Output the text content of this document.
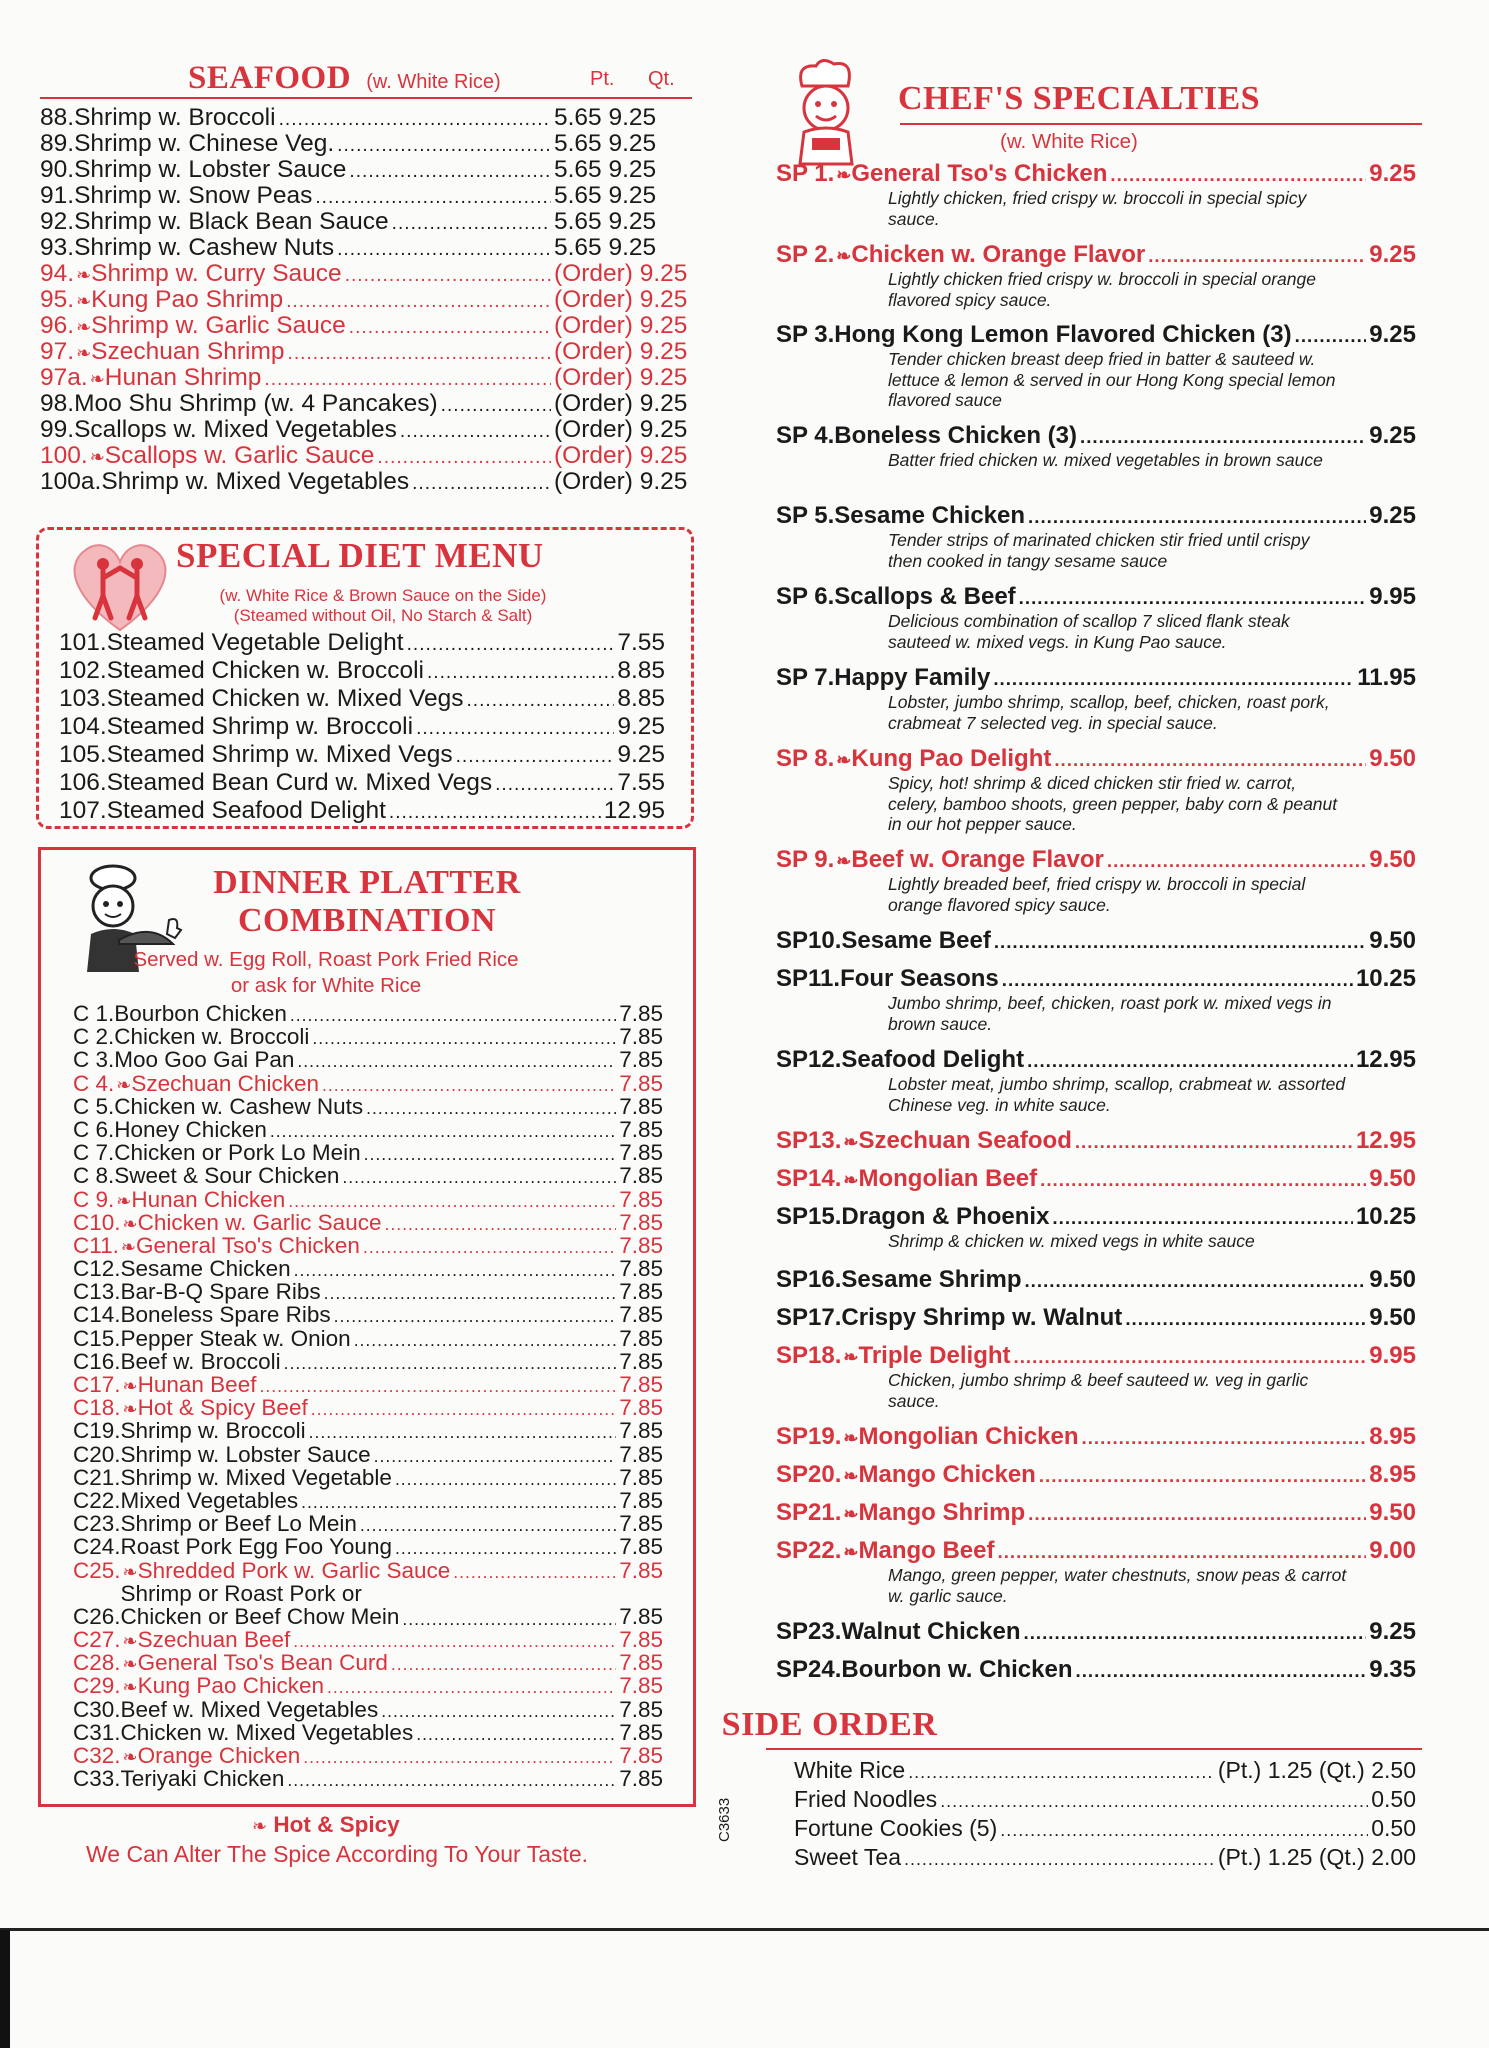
SEAFOOD (w. White Rice)	Pt. Qt.
88. Shrimp w. Broccoli .....	5.65 9.25
89. Shrimp w. Chinese Veg. .....	5.65 9.25
90. Shrimp w. Lobster Sauce .....	5.65 9.25
91. Shrimp w. Snow Peas .....	5.65 9.25
92. Shrimp w. Black Bean Sauce .....	5.65 9.25
93. Shrimp w. Cashew Nuts .....	5.65 9.25
94. ❧ Shrimp w. Curry Sauce .....	(Order) 9.25
95. ❧ Kung Pao Shrimp .....	(Order) 9.25
96. ❧ Shrimp w. Garlic Sauce .....	(Order) 9.25
97. ❧ Szechuan Shrimp .....	(Order) 9.25
97a. ❧ Hunan Shrimp .....	(Order) 9.25
98. Moo Shu Shrimp (w. 4 Pancakes) .....	(Order) 9.25
99. Scallops w. Mixed Vegetables .....	(Order) 9.25
100. ❧ Scallops w. Garlic Sauce .....	(Order) 9.25
100a. Shrimp w. Mixed Vegetables .....	(Order) 9.25
SPECIAL DIET MENU
(w. White Rice & Brown Sauce on the Side)
(Steamed without Oil, No Starch & Salt)
101. Steamed Vegetable Delight .....	7.55
102. Steamed Chicken w. Broccoli .....	8.85
103. Steamed Chicken w. Mixed Vegs .....	8.85
104. Steamed Shrimp w. Broccoli .....	9.25
105. Steamed Shrimp w. Mixed Vegs .....	9.25
106. Steamed Bean Curd w. Mixed Vegs .....	7.55
107. Steamed Seafood Delight .....	12.95
DINNER PLATTER
COMBINATION
Served w. Egg Roll, Roast Pork Fried Rice
or ask for White Rice
C 1. Bourbon Chicken .....	7.85
C 2. Chicken w. Broccoli .....	7.85
C 3. Moo Goo Gai Pan .....	7.85
C 4. ❧ Szechuan Chicken .....	7.85
C 5. Chicken w. Cashew Nuts .....	7.85
C 6. Honey Chicken .....	7.85
C 7. Chicken or Pork Lo Mein .....	7.85
C 8. Sweet & Sour Chicken .....	7.85
C 9. ❧ Hunan Chicken .....	7.85
C10. ❧ Chicken w. Garlic Sauce .....	7.85
C11. ❧ General Tso's Chicken .....	7.85
C12. Sesame Chicken .....	7.85
C13. Bar-B-Q Spare Ribs .....	7.85
C14. Boneless Spare Ribs .....	7.85
C15. Pepper Steak w. Onion .....	7.85
C16. Beef w. Broccoli .....	7.85
C17. ❧ Hunan Beef .....	7.85
C18. ❧ Hot & Spicy Beef .....	7.85
C19. Shrimp w. Broccoli .....	7.85
C20. Shrimp w. Lobster Sauce .....	7.85
C21. Shrimp w. Mixed Vegetable .....	7.85
C22. Mixed Vegetables .....	7.85
C23. Shrimp or Beef Lo Mein .....	7.85
C24. Roast Pork Egg Foo Young .....	7.85
C25. ❧ Shredded Pork w. Garlic Sauce .....	7.85
C26.
Shrimp or Roast Pork or
Chicken or Beef Chow Mein .....	7.85
C27. ❧ Szechuan Beef .....	7.85
C28. ❧ General Tso's Bean Curd .....	7.85
C29. ❧ Kung Pao Chicken .....	7.85
C30. Beef w. Mixed Vegetables .....	7.85
C31. Chicken w. Mixed Vegetables .....	7.85
C32. ❧ Orange Chicken .....	7.85
C33. Teriyaki Chicken .....	7.85
❧ Hot & Spicy
We Can Alter The Spice According To Your Taste.
C3633
CHEF'S SPECIALTIES
(w. White Rice)
SP 1. ❧ General Tso's Chicken .....	9.25
Lightly chicken, fried crispy w. broccoli in special spicy sauce.
SP 2. ❧ Chicken w. Orange Flavor .....	9.25
Lightly chicken fried crispy w. broccoli in special orange flavored spicy sauce.
SP 3. Hong Kong Lemon Flavored Chicken (3) .....	9.25
Tender chicken breast deep fried in batter & sauteed w. lettuce & lemon & served in our Hong Kong special lemon flavored sauce
SP 4. Boneless Chicken (3) .....	9.25
Batter fried chicken w. mixed vegetables in brown sauce
SP 5. Sesame Chicken .....	9.25
Tender strips of marinated chicken stir fried until crispy then cooked in tangy sesame sauce
SP 6. Scallops & Beef .....	9.95
Delicious combination of scallop 7 sliced flank steak sauteed w. mixed vegs. in Kung Pao sauce.
SP 7. Happy Family .....	11.95
Lobster, jumbo shrimp, scallop, beef, chicken, roast pork, crabmeat 7 selected veg. in special sauce.
SP 8. ❧ Kung Pao Delight .....	9.50
Spicy, hot! shrimp & diced chicken stir fried w. carrot, celery, bamboo shoots, green pepper, baby corn & peanut in our hot pepper sauce.
SP 9. ❧ Beef w. Orange Flavor .....	9.50
Lightly breaded beef, fried crispy w. broccoli in special orange flavored spicy sauce.
SP10. Sesame Beef .....	9.50
SP11. Four Seasons .....	10.25
Jumbo shrimp, beef, chicken, roast pork w. mixed vegs in brown sauce.
SP12. Seafood Delight .....	12.95
Lobster meat, jumbo shrimp, scallop, crabmeat w. assorted Chinese veg. in white sauce.
SP13. ❧ Szechuan Seafood .....	12.95
SP14. ❧ Mongolian Beef .....	9.50
SP15. Dragon & Phoenix .....	10.25
Shrimp & chicken w. mixed vegs in white sauce
SP16. Sesame Shrimp .....	9.50
SP17. Crispy Shrimp w. Walnut .....	9.50
SP18. ❧ Triple Delight .....	9.95
Chicken, jumbo shrimp & beef sauteed w. veg in garlic sauce.
SP19. ❧ Mongolian Chicken .....	8.95
SP20. ❧ Mango Chicken .....	8.95
SP21. ❧ Mango Shrimp .....	9.50
SP22. ❧ Mango Beef .....	9.00
Mango, green pepper, water chestnuts, snow peas & carrot w. garlic sauce.
SP23. Walnut Chicken .....	9.25
SP24. Bourbon w. Chicken .....	9.35
SIDE ORDER
White Rice .....	(Pt.) 1.25 (Qt.) 2.50
Fried Noodles .....	0.50
Fortune Cookies (5) .....	0.50
Sweet Tea .....	(Pt.) 1.25 (Qt.) 2.00
